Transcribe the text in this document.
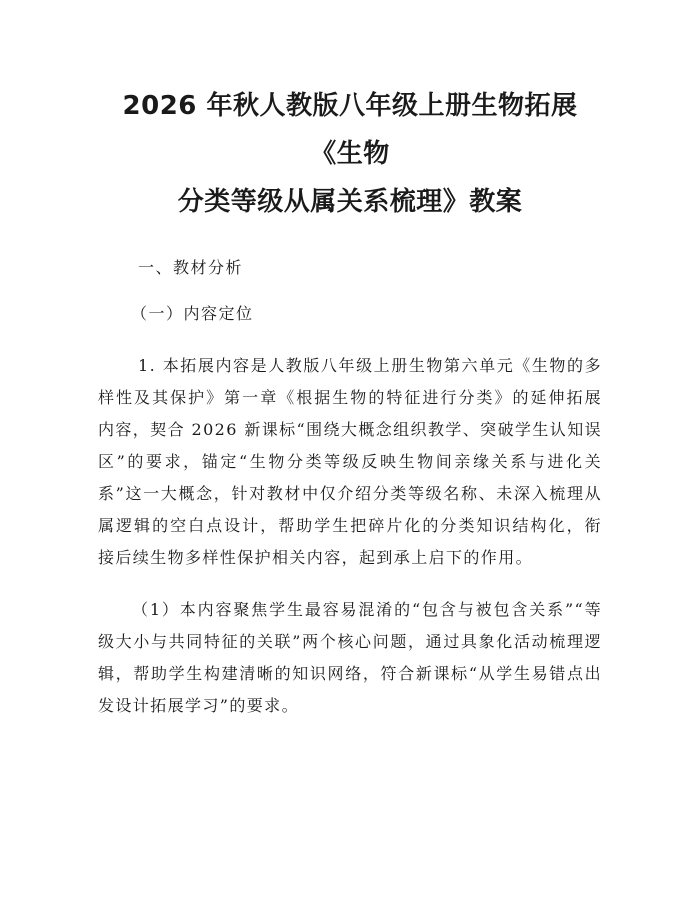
2026 年秋人教版八年级上册生物拓展《生物
分类等级从属关系梳理》教案

一、教材分析

（一）内容定位

1. 本拓展内容是人教版八年级上册生物第六单元《生物的多样性及其保护》第一章《根据生物的特征进行分类》的延伸拓展内容，契合 2026 新课标“围绕大概念组织教学、突破学生认知误区”的要求，锚定“生物分类等级反映生物间亲缘关系与进化关系”这一大概念，针对教材中仅介绍分类等级名称、未深入梳理从属逻辑的空白点设计，帮助学生把碎片化的分类知识结构化，衔接后续生物多样性保护相关内容，起到承上启下的作用。

（1）本内容聚焦学生最容易混淆的“包含与被包含关系”“等级大小与共同特征的关联”两个核心问题，通过具象化活动梳理逻辑，帮助学生构建清晰的知识网络，符合新课标“从学生易错点出发设计拓展学习”的要求。
